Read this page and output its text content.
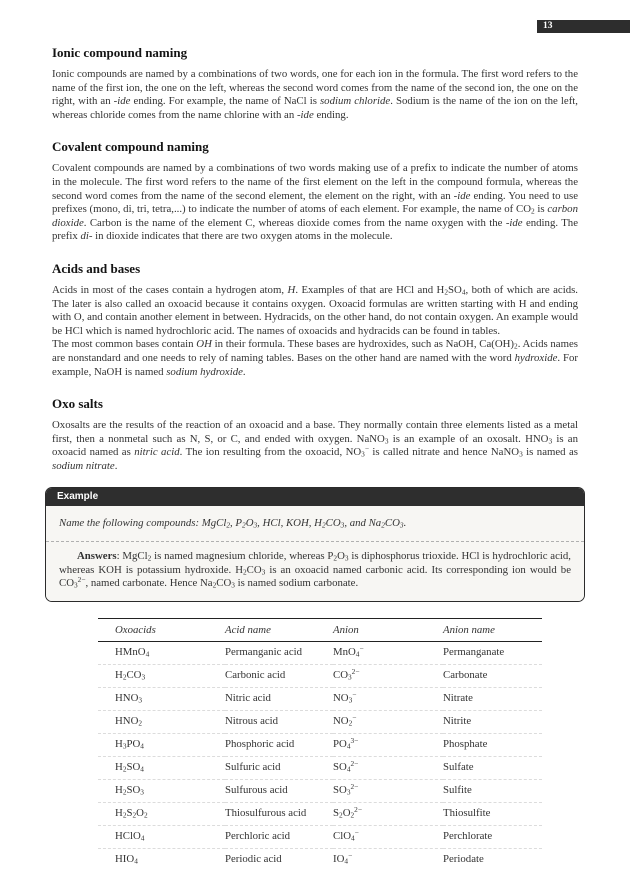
13
Ionic compound naming

Ionic compounds are named by a combinations of two words, one for each ion in the formula. The first word refers to the name of the first ion, the one on the left, whereas the second word comes from the name of the second ion, the one on the right, with an -ide ending. For example, the name of NaCl is sodium chloride. Sodium is the name of the ion on the left, whereas chloride comes from the name chlorine with an -ide ending.

Covalent compound naming

Covalent compounds are named by a combinations of two words making use of a prefix to indicate the number of atoms in the molecule. The first word refers to the name of the first element on the left in the compound formula, whereas the second word comes from the name of the second element, the element on the right, with an -ide ending. You need to use prefixes (mono, di, tri, tetra,...) to indicate the number of atoms of each element. For example, the name of $CO_2$ is carbon dioxide. Carbon is the name of the element C, whereas dioxide comes from the name oxygen with the -ide ending. The prefix di- in dioxide indicates that there are two oxygen atoms in the molecule.

Acids and bases

Acids in most of the cases contain a hydrogen atom, H. Examples of that are HCl and $H_2SO_4$, both of which are acids. The later is also called an oxoacid because it contains oxygen. Oxoacid formulas are written starting with H and ending with O, and contain another element in between. Hydracids, on the other hand, do not contain oxygen. An example would be HCl which is named hydrochloric acid. The names of oxoacids and hydracids can be found in tables.

The most common bases contain OH in their formula. These bases are hydroxides, such as NaOH, $Ca(OH)_2$. Acids names are nonstandard and one needs to rely of naming tables. Bases on the other hand are named with the word hydroxide. For example, NaOH is named sodium hydroxide.

Oxo salts

Oxosalts are the results of the reaction of an oxoacid and a base. They normally contain three elements listed as a metal first, then a nonmetal such as N, S, or C, and ended with oxygen. NaNO$_3$ is an example of an oxosalt. $HNO_3$ is an oxoacid named as nitric acid. The ion resulting from the oxoacid, $NO_3^-$ is called nitrate and hence NaNO$_3$ is named as sodium nitrate.

Example

Name the following compounds: MgCl$_2$, $P_2O_3$, HCl, KOH, $H_2CO_3$, and $Na_2CO_3$.

Answers: MgCl$_2$ is named magnesium chloride, whereas $P_2O_3$ is diphosphorus trioxide. HCl is hydrochloric acid, whereas KOH is potassium hydroxide. $H_2CO_3$ is an oxoacid named carbonic acid. Its corresponding ion would be $CO_3^{2-}$, named carbonate. Hence $Na_2CO_3$ is named sodium carbonate.

Oxoacids	Acid name	Anion	Anion name
HMnO$_4$	Permanganic acid	MnO$_4$−	Permanganate
$H_2CO_3$	Carbonic acid	$CO_3^{2-}$	Carbonate
$HNO_3$	Nitric acid	$NO_3^-$	Nitrate
$HNO_2$	Nitrous acid	$NO_2^-$	Nitrite
$H_3PO_4$	Phosphoric acid	$PO_4^{3-}$	Phosphate
$H_2SO_4$	Sulfuric acid	$SO_4^{2-}$	Sulfate
$H_2SO_3$	Sulfurous acid	$SO_3^{2-}$	Sulfite
$H_2S_2O_2$	Thiosulfurous acid	$S_2O_2^{2-}$	Thiosulfite
HClO$_4$	Perchloric acid	ClO$_4$−	Perchlorate
$HIO_4$	Periodic acid	$IO_4^-$	Periodate
